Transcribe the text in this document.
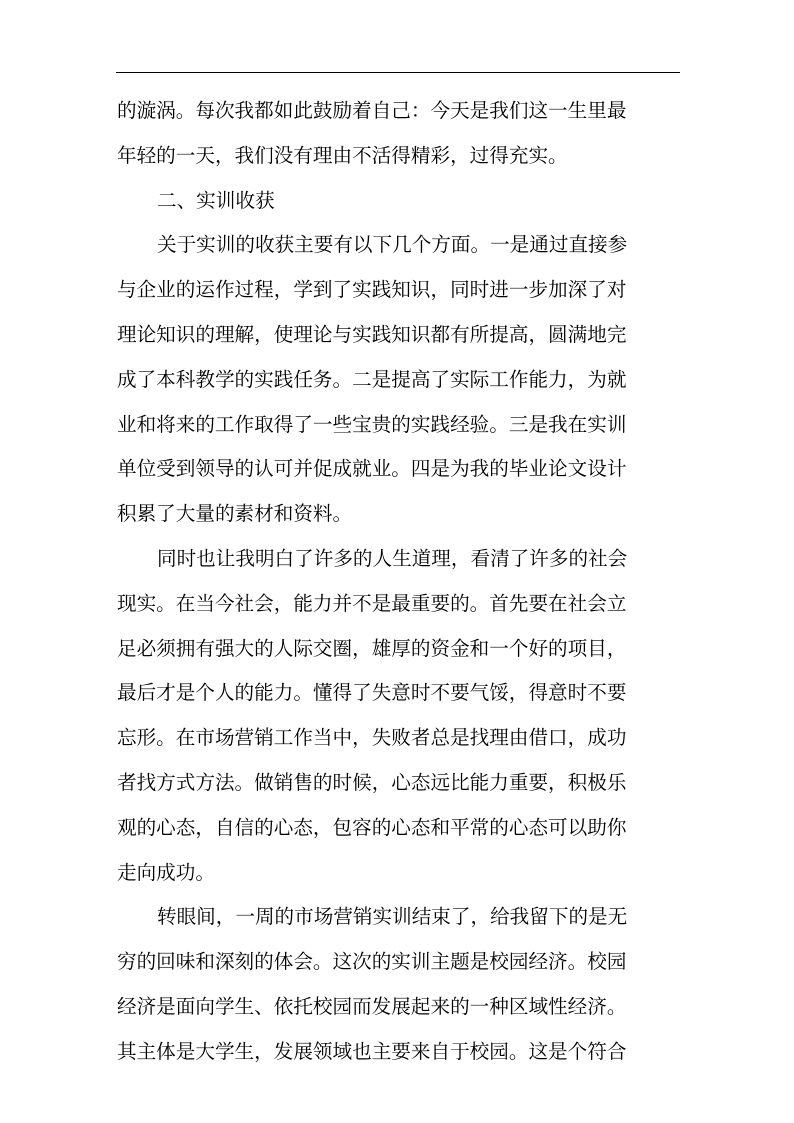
的漩涡。每次我都如此鼓励着自己：今天是我们这一生里最
年轻的一天，我们没有理由不活得精彩，过得充实。
二、实训收获
关于实训的收获主要有以下几个方面。一是通过直接参
与企业的运作过程，学到了实践知识，同时进一步加深了对
理论知识的理解，使理论与实践知识都有所提高，圆满地完
成了本科教学的实践任务。二是提高了实际工作能力，为就
业和将来的工作取得了一些宝贵的实践经验。三是我在实训
单位受到领导的认可并促成就业。四是为我的毕业论文设计
积累了大量的素材和资料。
同时也让我明白了许多的人生道理，看清了许多的社会
现实。在当今社会，能力并不是最重要的。首先要在社会立
足必须拥有强大的人际交圈，雄厚的资金和一个好的项目，
最后才是个人的能力。懂得了失意时不要气馁，得意时不要
忘形。在市场营销工作当中，失败者总是找理由借口，成功
者找方式方法。做销售的时候，心态远比能力重要，积极乐
观的心态，自信的心态，包容的心态和平常的心态可以助你
走向成功。
转眼间，一周的市场营销实训结束了，给我留下的是无
穷的回味和深刻的体会。这次的实训主题是校园经济。校园
经济是面向学生、依托校园而发展起来的一种区域性经济。
其主体是大学生，发展领域也主要来自于校园。这是个符合
